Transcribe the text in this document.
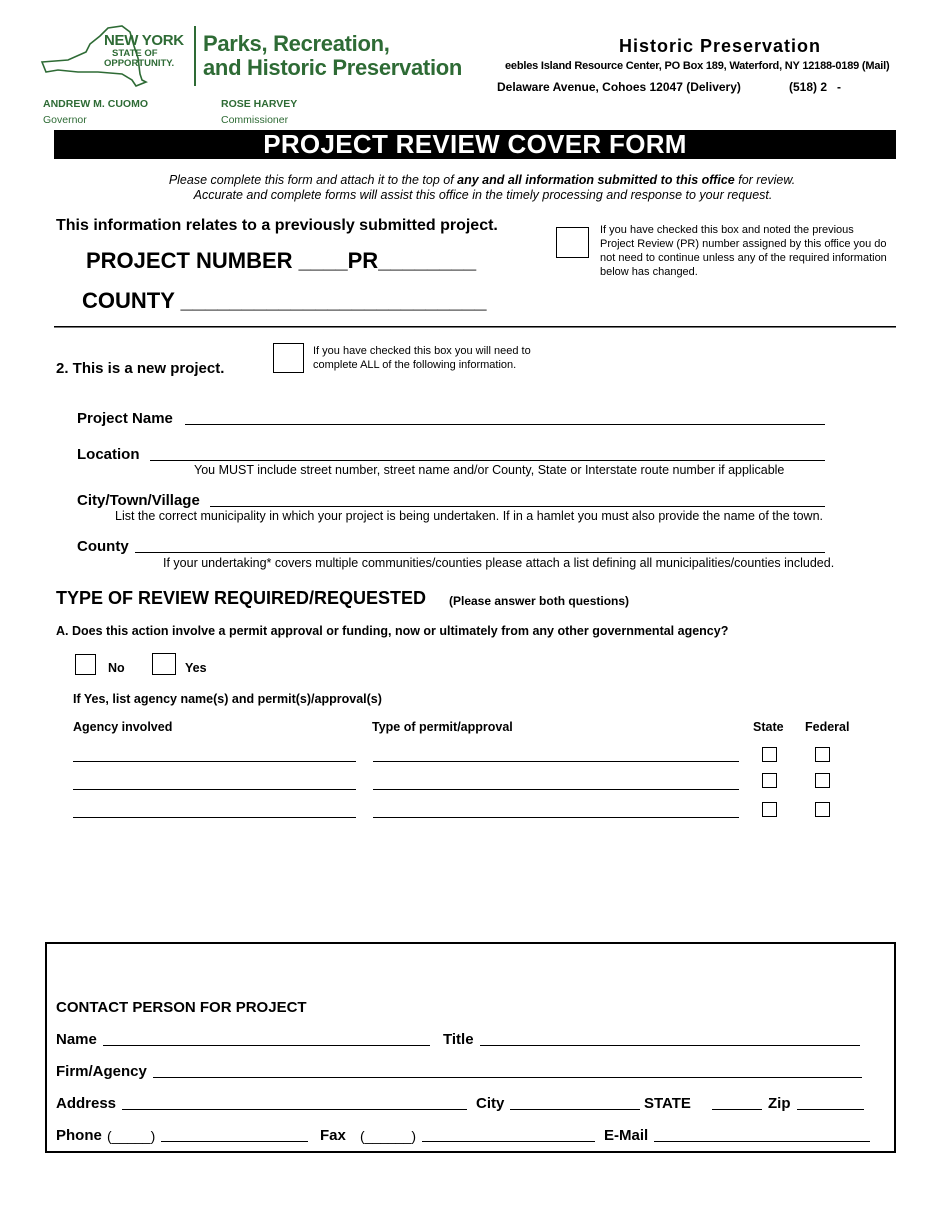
NEW YORK
STATE OF
OPPORTUNITY.
Parks, Recreation,
and Historic Preservation
ANDREW M. CUOMO
Governor
ROSE HARVEY
Commissioner
Historic Preservation
eebles Island Resource Center, PO Box 189, Waterford, NY 12188-0189 (Mail)
Delaware Avenue, Cohoes 12047 (Delivery)	(518) 2   -
PROJECT REVIEW COVER FORM
Please complete this form and attach it to the top of any and all information submitted to this office for review.
Accurate and complete forms will assist this office in the timely processing and response to your request.
This information relates to a previously submitted project.
PROJECT NUMBER ____PR________
COUNTY _________________________
If you have checked this box and noted the previous Project Review (PR) number assigned by this office you do not need to continue unless any of the required information below has changed.
2. This is a new project.
If you have checked this box you will need to
complete ALL of the following information.
Project Name
Location
You MUST include street number, street name and/or County, State or Interstate route number if applicable
City/Town/Village
List the correct municipality in which your project is being undertaken. If in a hamlet you must also provide the name of the town.
County
If your undertaking* covers multiple communities/counties please attach a list defining all municipalities/counties included.
TYPE OF REVIEW REQUIRED/REQUESTED (Please answer both questions)
A. Does this action involve a permit approval or funding, now or ultimately from any other governmental agency?
No	Yes
If Yes, list agency name(s) and permit(s)/approval(s)
Agency involved	Type of permit/approval	State Federal
CONTACT PERSON FOR PROJECT
Name	Title
Firm/Agency
Address	City	STATE	Zip
Phone (_____)	Fax (______)	E-Mail
